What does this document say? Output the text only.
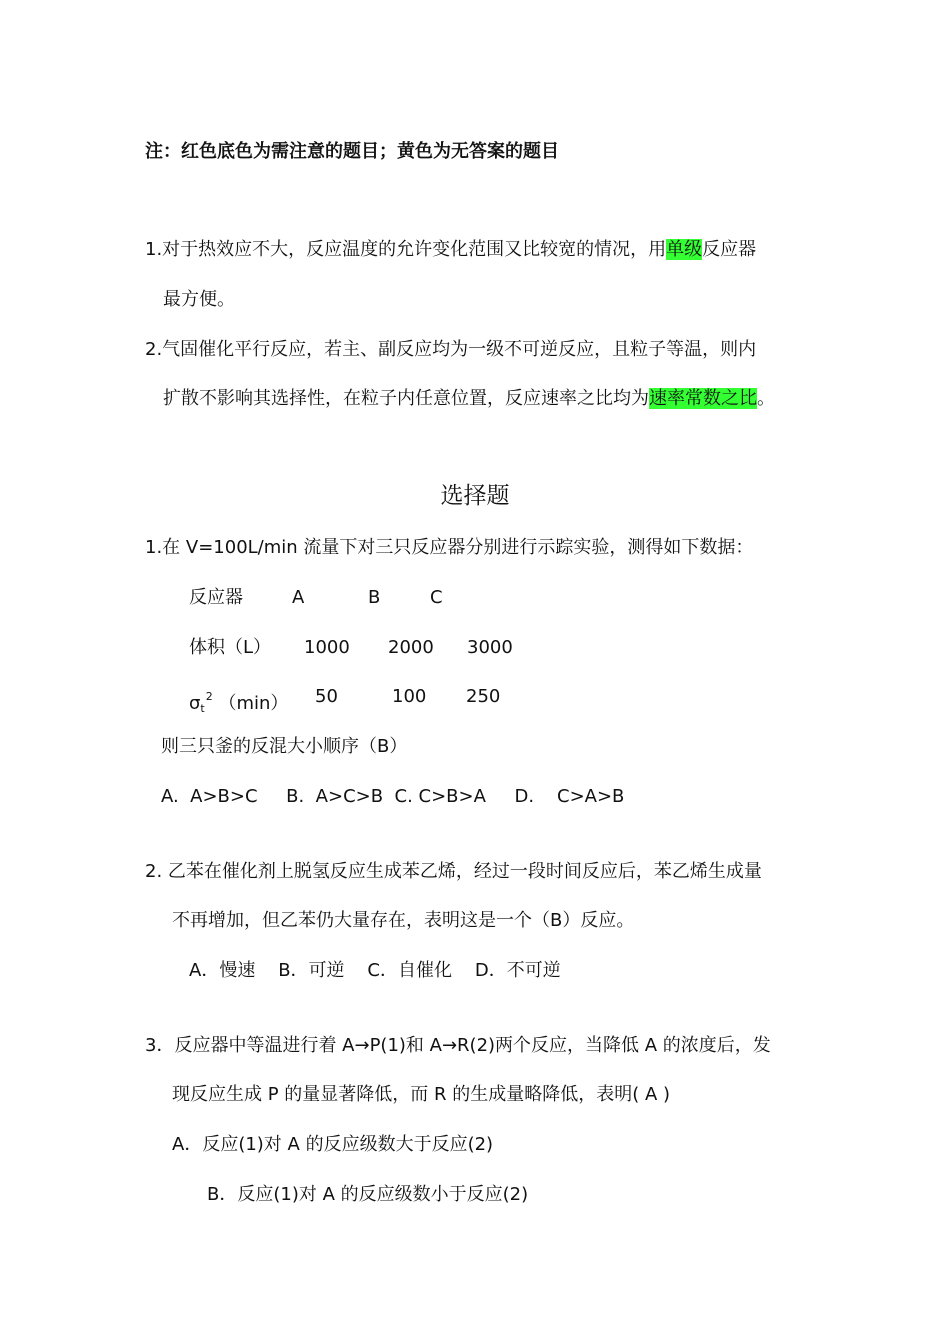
注：红色底色为需注意的题目；黄色为无答案的题目
1.对于热效应不大，反应温度的允许变化范围又比较宽的情况，用单级反应器
最方便。
2.气固催化平行反应，若主、副反应均为一级不可逆反应，且粒子等温，则内
扩散不影响其选择性，在粒子内任意位置，反应速率之比均为速率常数之比。
选择题
1.在 V=100L/min 流量下对三只反应器分别进行示踪实验，测得如下数据：
反应器	A	B	C
体积（L） 1000 2000 3000
$\sigma_t^2$ （min） 50	100 250
则三只釜的反混大小顺序（B）
A.  A>B>C     B.  A>C>B  C. C>B>A     D.    C>A>B
2. 乙苯在催化剂上脱氢反应生成苯乙烯，经过一段时间反应后，苯乙烯生成量
不再增加，但乙苯仍大量存在，表明这是一个（B）反应。
A．慢速    B．可逆    C．自催化    D．不可逆
3．反应器中等温进行着 A→P(1)和 A→R(2)两个反应，当降低 A 的浓度后，发
现反应生成 P 的量显著降低，而 R 的生成量略降低，表明( A )
A．反应(1)对 A 的反应级数大于反应(2)
B．反应(1)对 A 的反应级数小于反应(2)
